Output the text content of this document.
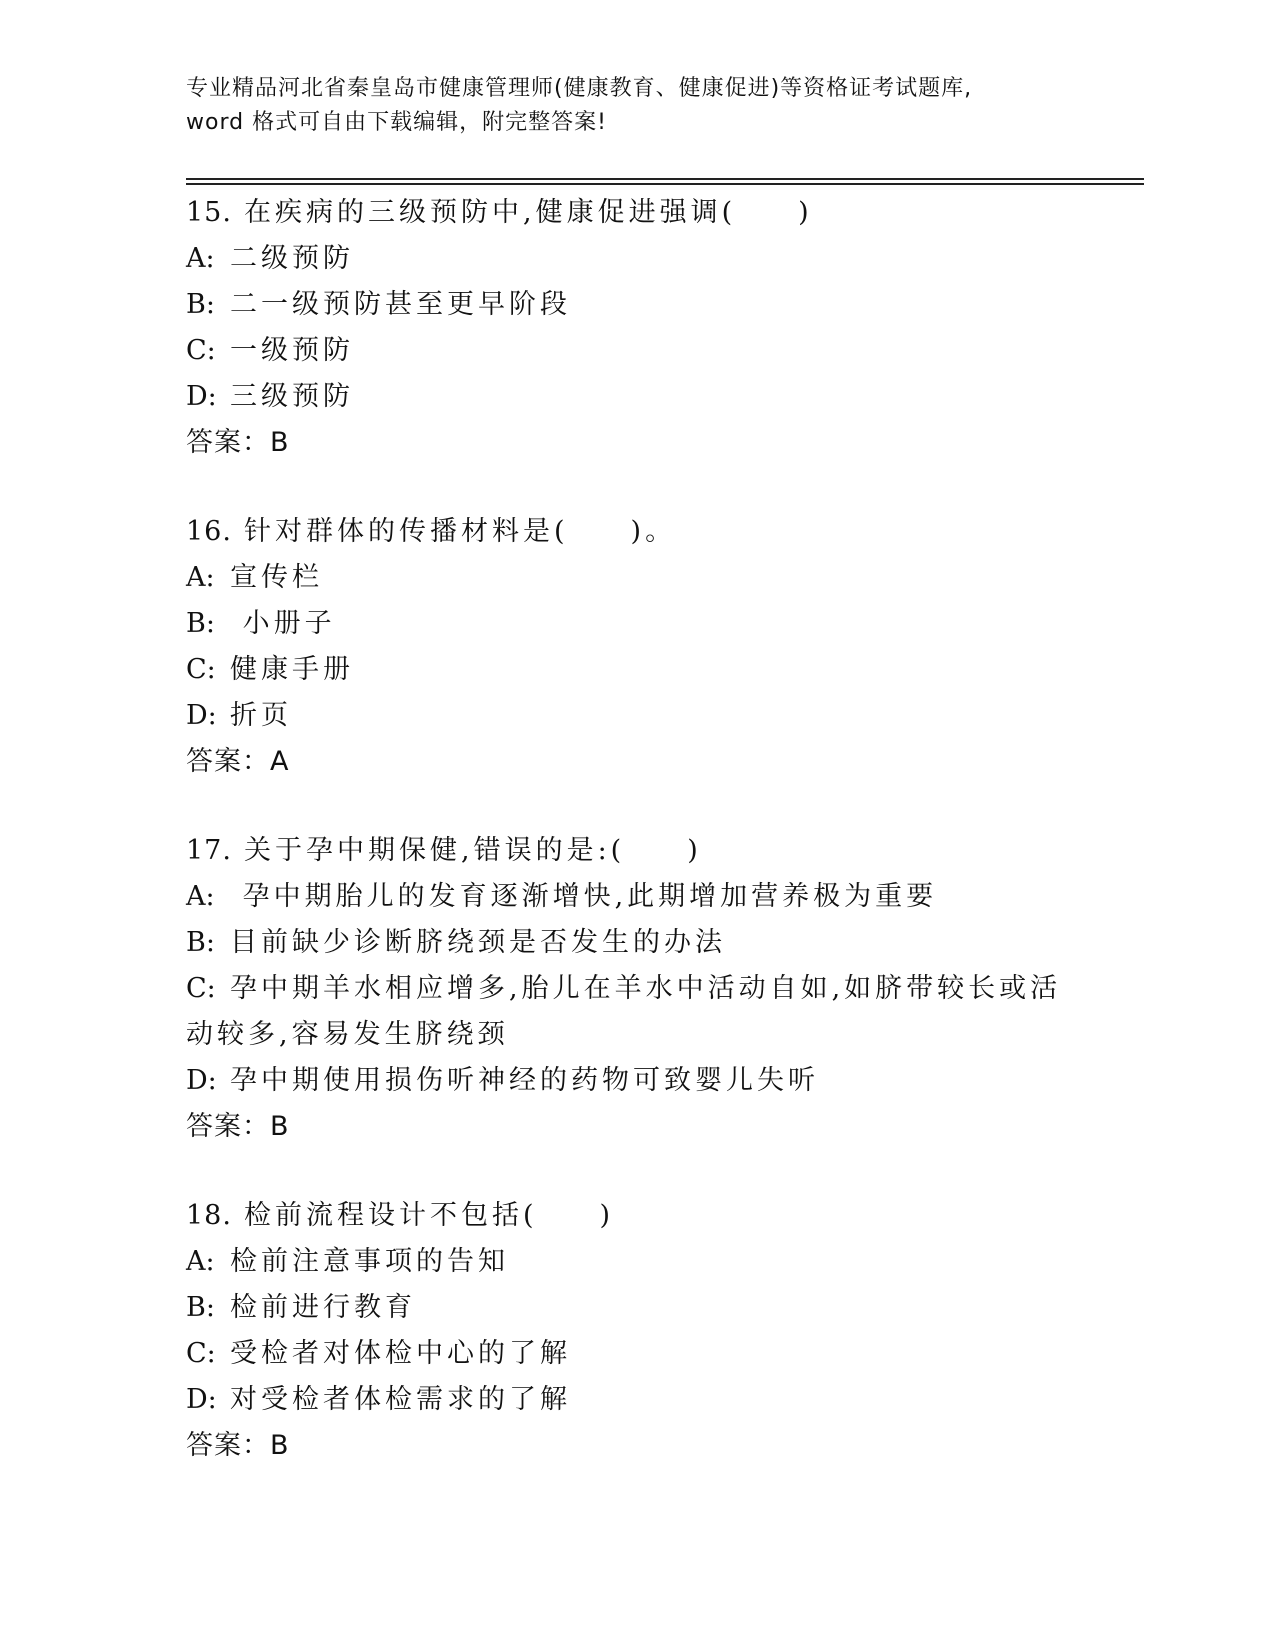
专业精品河北省秦皇岛市健康管理师(健康教育、健康促进)等资格证考试题库,
word 格式可自由下载编辑，附完整答案!
15. 在疾病的三级预防中,健康促进强调(　　)
A: 二级预防
B: 二一级预防甚至更早阶段
C: 一级预防
D: 三级预防
答案：B
16. 针对群体的传播材料是(　　)。
A: 宣传栏
B: 小册子
C: 健康手册
D: 折页
答案：A
17. 关于孕中期保健,错误的是:(　　)
A: 孕中期胎儿的发育逐渐增快,此期增加营养极为重要
B: 目前缺少诊断脐绕颈是否发生的办法
C: 孕中期羊水相应增多,胎儿在羊水中活动自如,如脐带较长或活动较多,容易发生脐绕颈
D: 孕中期使用损伤听神经的药物可致婴儿失听
答案：B
18. 检前流程设计不包括(　　)
A: 检前注意事项的告知
B: 检前进行教育
C: 受检者对体检中心的了解
D: 对受检者体检需求的了解
答案：B
